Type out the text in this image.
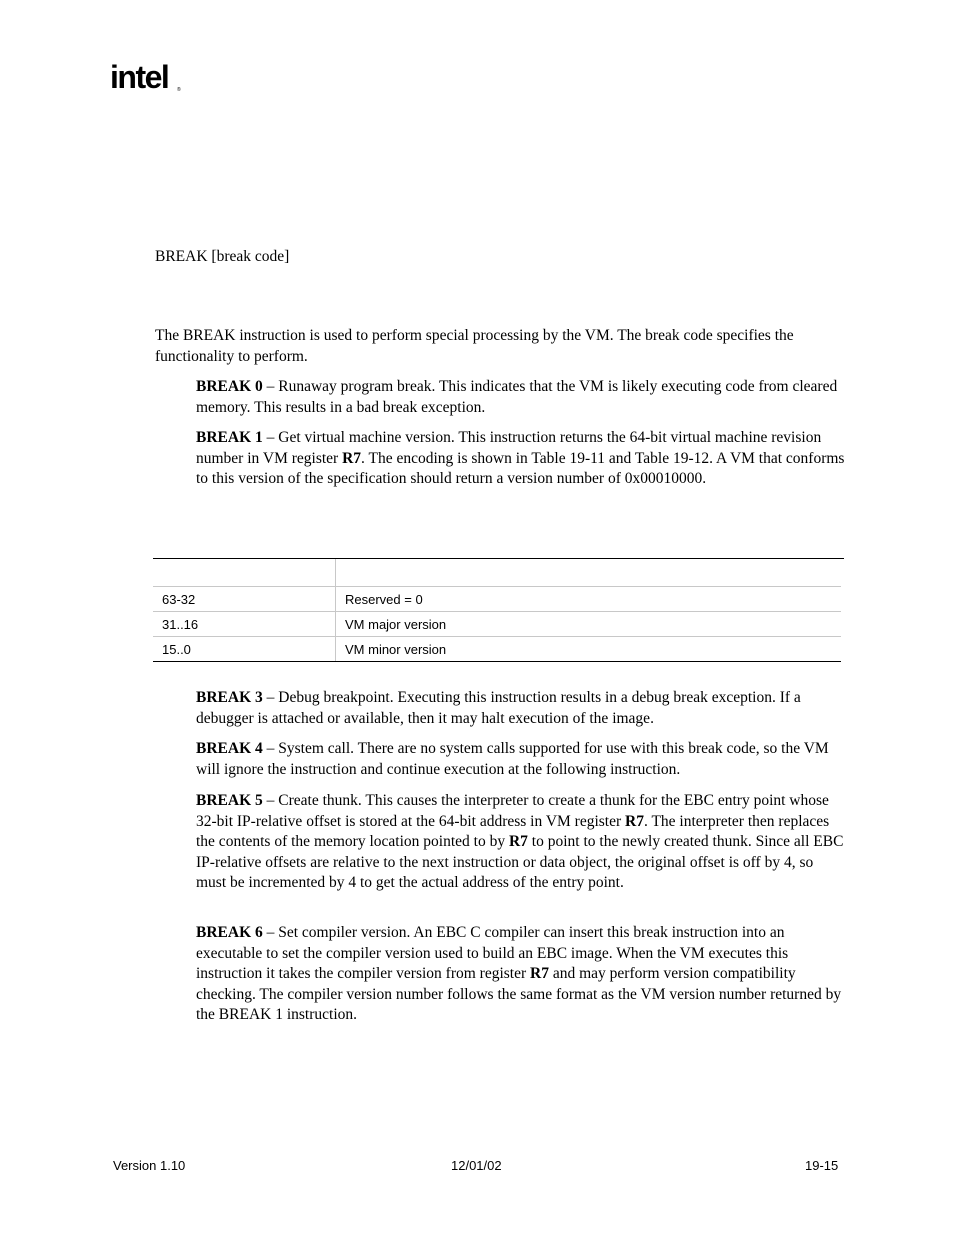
intel ®

BREAK [break code]

The BREAK instruction is used to perform special processing by the VM. The break code specifies the functionality to perform.

BREAK 0 – Runaway program break. This indicates that the VM is likely executing code from cleared memory. This results in a bad break exception.

BREAK 1 – Get virtual machine version. This instruction returns the 64-bit virtual machine revision number in VM register R7. The encoding is shown in Table 19-11 and Table 19-12. A VM that conforms to this version of the specification should return a version number of 0x00010000.

63-32	Reserved = 0
31..16	VM major version
15..0	VM minor version

BREAK 3 – Debug breakpoint. Executing this instruction results in a debug break exception. If a debugger is attached or available, then it may halt execution of the image.

BREAK 4 – System call. There are no system calls supported for use with this break code, so the VM will ignore the instruction and continue execution at the following instruction.

BREAK 5 – Create thunk. This causes the interpreter to create a thunk for the EBC entry point whose 32-bit IP-relative offset is stored at the 64-bit address in VM register R7. The interpreter then replaces the contents of the memory location pointed to by R7 to point to the newly created thunk. Since all EBC IP-relative offsets are relative to the next instruction or data object, the original offset is off by 4, so must be incremented by 4 to get the actual address of the entry point.

BREAK 6 – Set compiler version. An EBC C compiler can insert this break instruction into an executable to set the compiler version used to build an EBC image. When the VM executes this instruction it takes the compiler version from register R7 and may perform version compatibility checking. The compiler version number follows the same format as the VM version number returned by the BREAK 1 instruction.

Version 1.10	12/01/02	19-15
